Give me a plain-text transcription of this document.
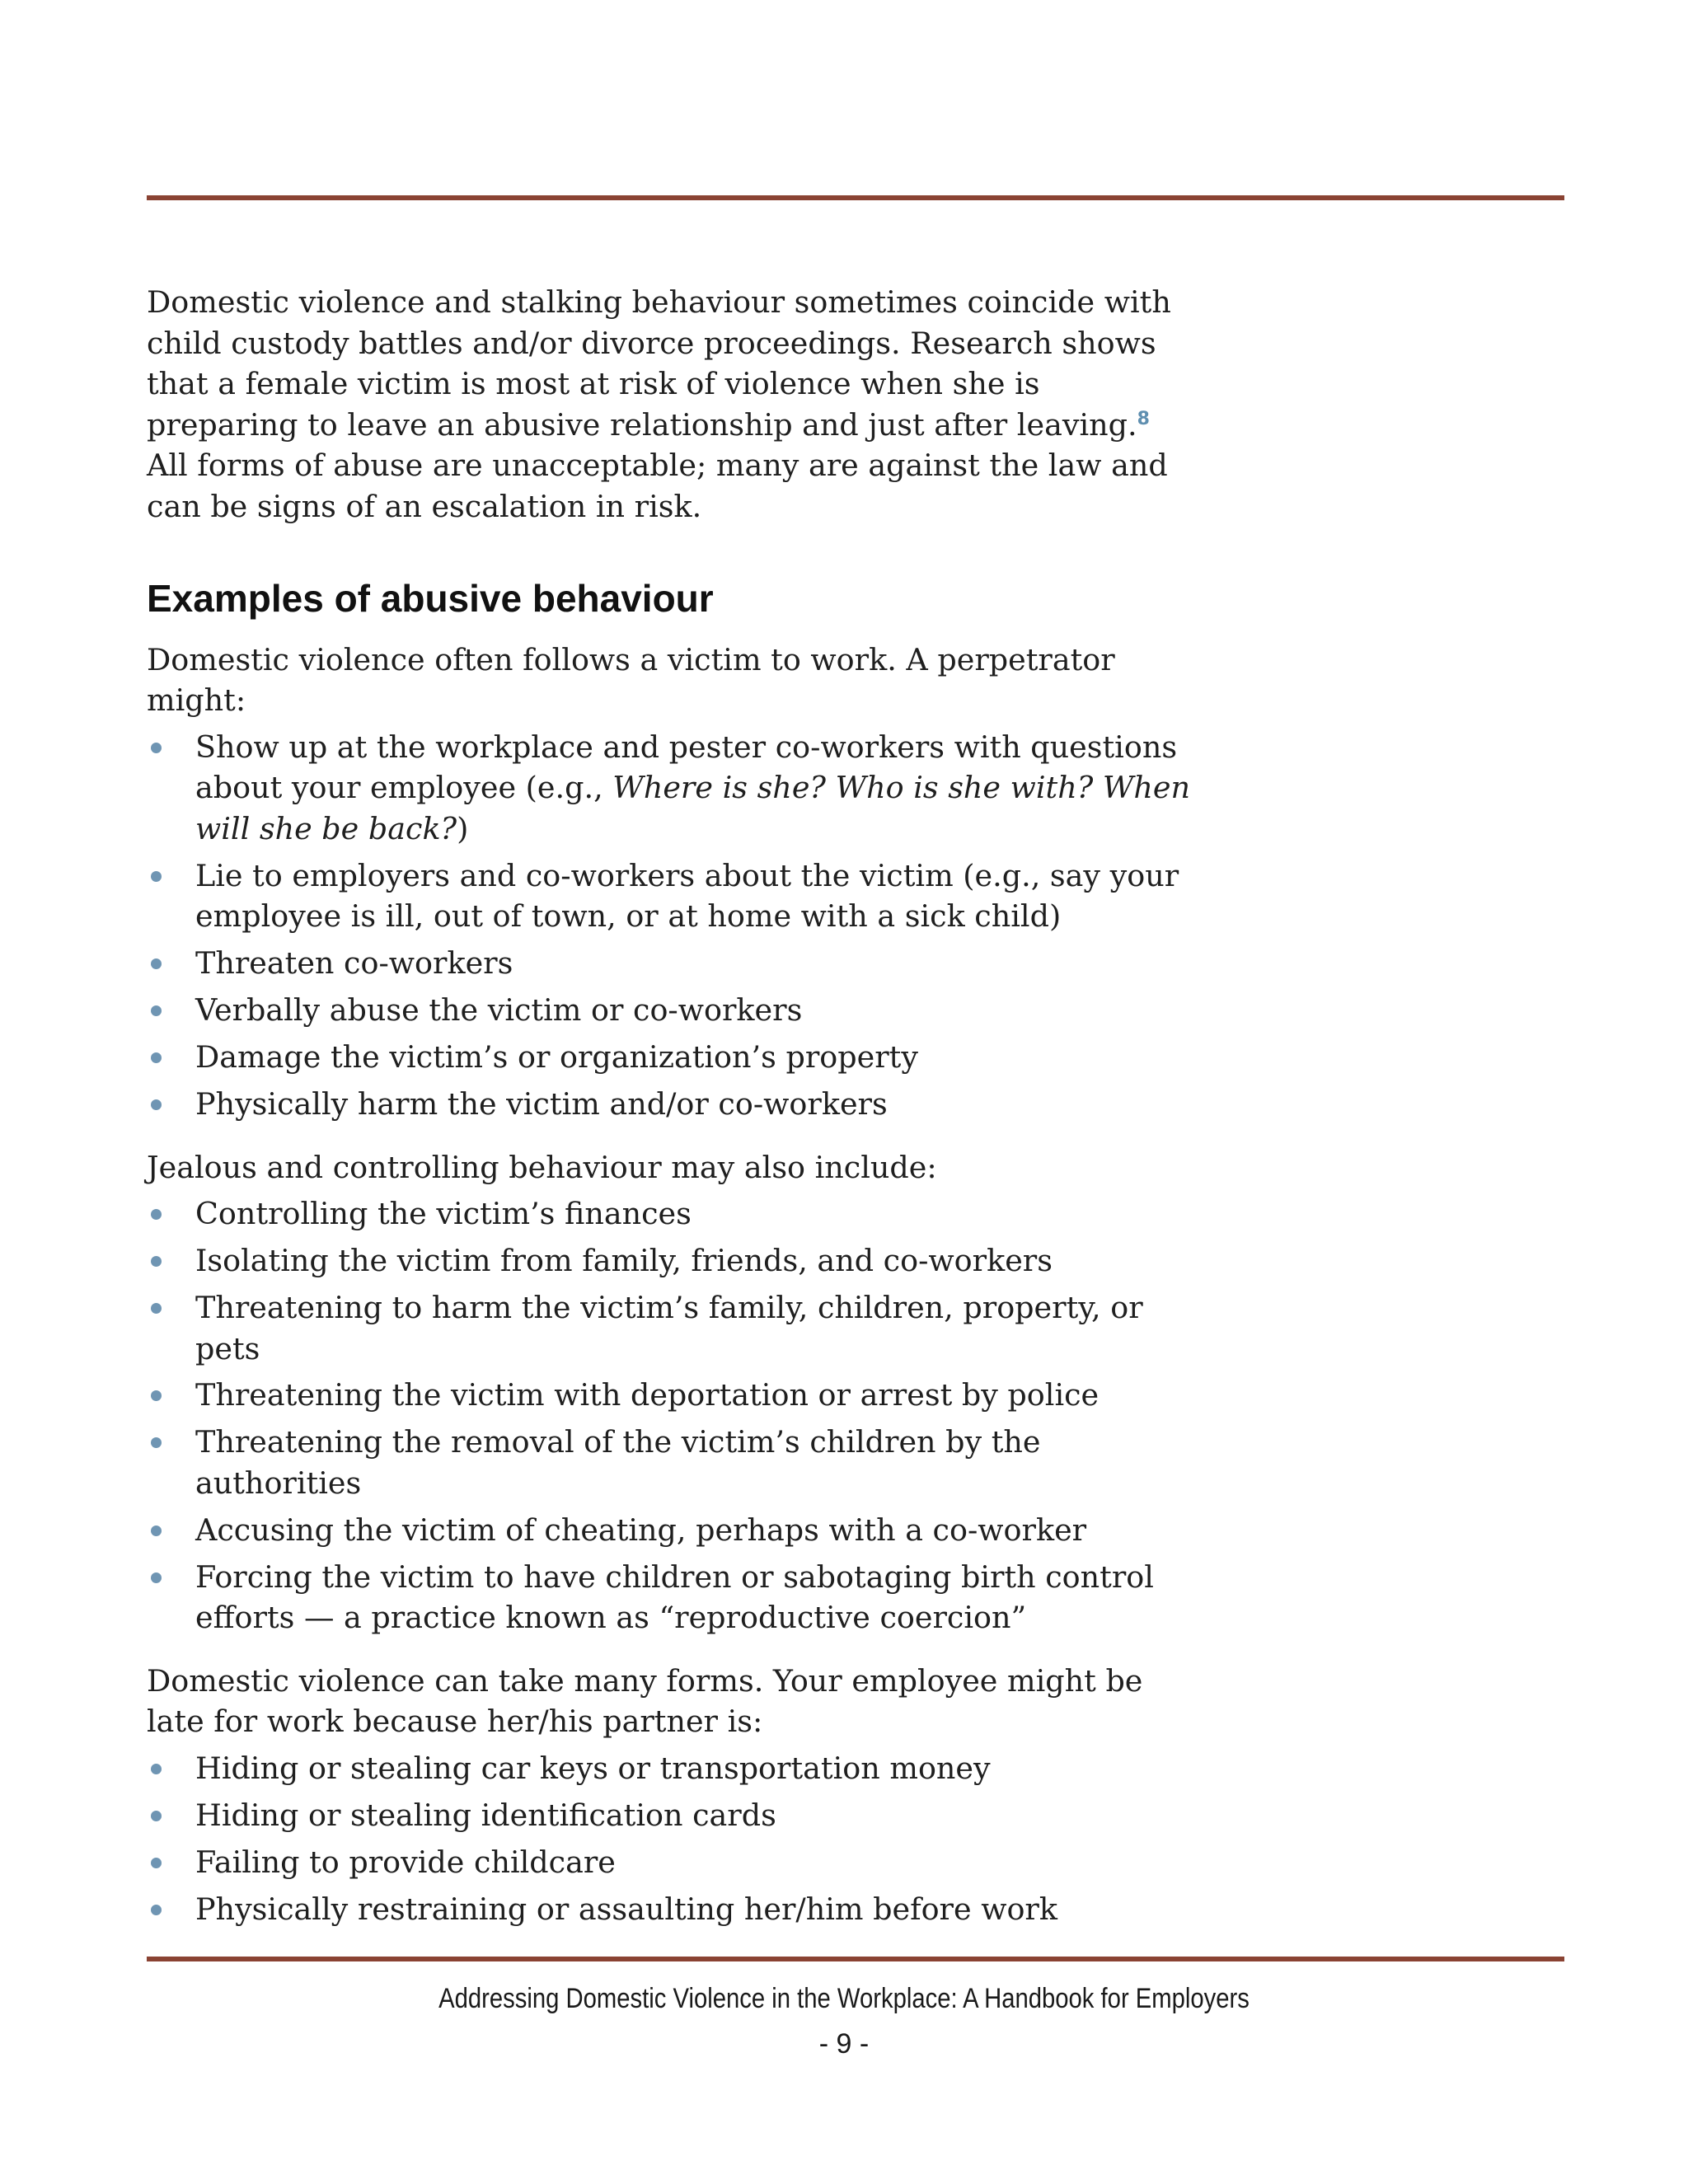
Domestic violence and stalking behaviour sometimes coincide with child custody battles and/or divorce proceedings. Research shows that a female victim is most at risk of violence when she is preparing to leave an abusive relationship and just after leaving.$^8$ All forms of abuse are unacceptable; many are against the law and can be signs of an escalation in risk.

Examples of abusive behaviour

Domestic violence often follows a victim to work. A perpetrator might:

Show up at the workplace and pester co-workers with questions about your employee (e.g., Where is she? Who is she with? When will she be back?)
Lie to employers and co-workers about the victim (e.g., say your employee is ill, out of town, or at home with a sick child)
Threaten co-workers
Verbally abuse the victim or co-workers
Damage the victim’s or organization’s property
Physically harm the victim and/or co-workers

Jealous and controlling behaviour may also include:

Controlling the victim’s finances
Isolating the victim from family, friends, and co-workers
Threatening to harm the victim’s family, children, property, or pets
Threatening the victim with deportation or arrest by police
Threatening the removal of the victim’s children by the authorities
Accusing the victim of cheating, perhaps with a co-worker
Forcing the victim to have children or sabotaging birth control efforts — a practice known as “reproductive coercion”

Domestic violence can take many forms. Your employee might be late for work because her/his partner is:

Hiding or stealing car keys or transportation money
Hiding or stealing identification cards
Failing to provide childcare
Physically restraining or assaulting her/him before work
Addressing Domestic Violence in the Workplace: A Handbook for Employers
- 9 -
